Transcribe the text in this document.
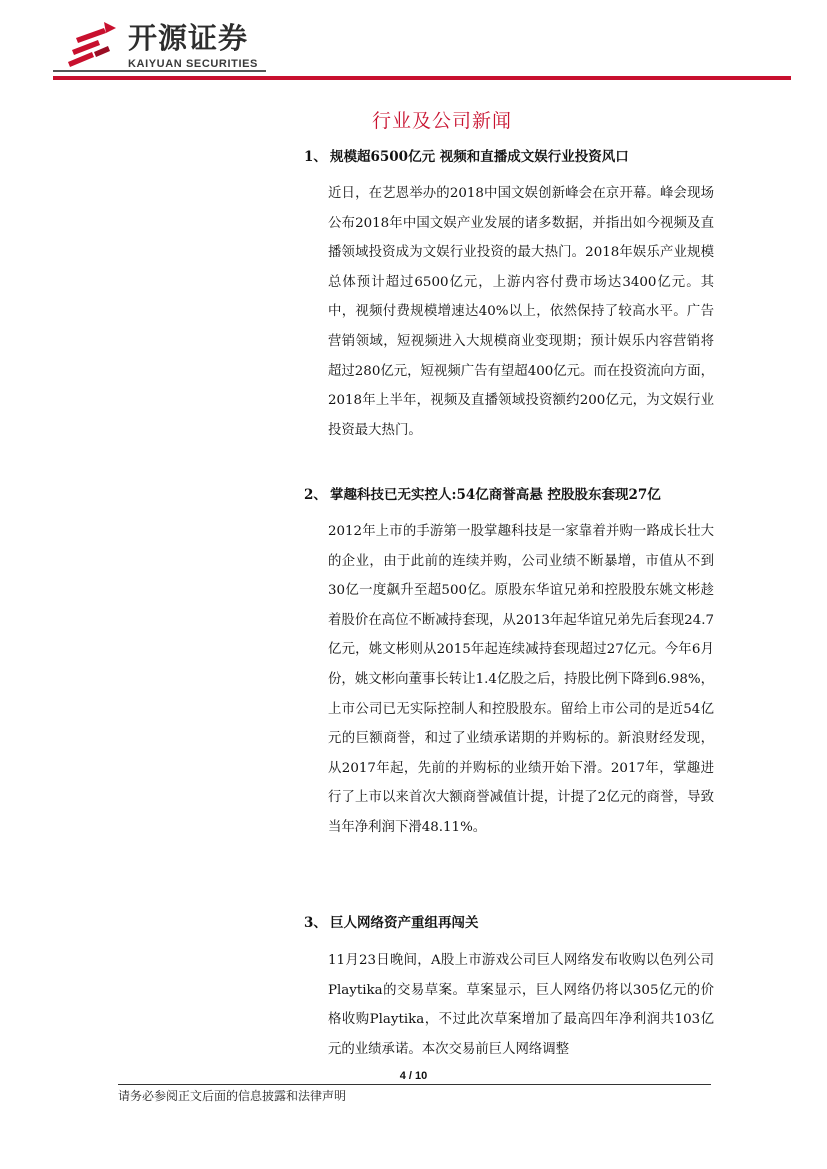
开源证券
KAIYUAN SECURITIES
行业及公司新闻
1、 规模超6500亿元 视频和直播成文娱行业投资风口

近日，在艺恩举办的2018中国文娱创新峰会在京开幕。峰会现场公布2018年中国文娱产业发展的诸多数据，并指出如今视频及直播领域投资成为文娱行业投资的最大热门。2018年娱乐产业规模总体预计超过6500亿元，上游内容付费市场达3400亿元。其中，视频付费规模增速达40%以上，依然保持了较高水平。广告营销领域，短视频进入大规模商业变现期；预计娱乐内容营销将超过280亿元，短视频广告有望超400亿元。而在投资流向方面，2018年上半年，视频及直播领域投资额约200亿元，为文娱行业投资最大热门。

2、 掌趣科技已无实控人:54亿商誉高悬 控股股东套现27亿

2012年上市的手游第一股掌趣科技是一家靠着并购一路成长壮大的企业，由于此前的连续并购，公司业绩不断暴增，市值从不到30亿一度飙升至超500亿。原股东华谊兄弟和控股股东姚文彬趁着股价在高位不断减持套现，从2013年起华谊兄弟先后套现24.7亿元，姚文彬则从2015年起连续减持套现超过27亿元。今年6月份，姚文彬向董事长转让1.4亿股之后，持股比例下降到6.98%，上市公司已无实际控制人和控股股东。留给上市公司的是近54亿元的巨额商誉，和过了业绩承诺期的并购标的。新浪财经发现，从2017年起，先前的并购标的业绩开始下滑。2017年，掌趣进行了上市以来首次大额商誉减值计提，计提了2亿元的商誉，导致当年净利润下滑48.11%。

3、 巨人网络资产重组再闯关

11月23日晚间，A股上市游戏公司巨人网络发布收购以色列公司Playtika的交易草案。草案显示，巨人网络仍将以305亿元的价格收购Playtika，不过此次草案增加了最高四年净利润共103亿元的业绩承诺。本次交易前巨人网络调整

4 / 10
请务必参阅正文后面的信息披露和法律声明
